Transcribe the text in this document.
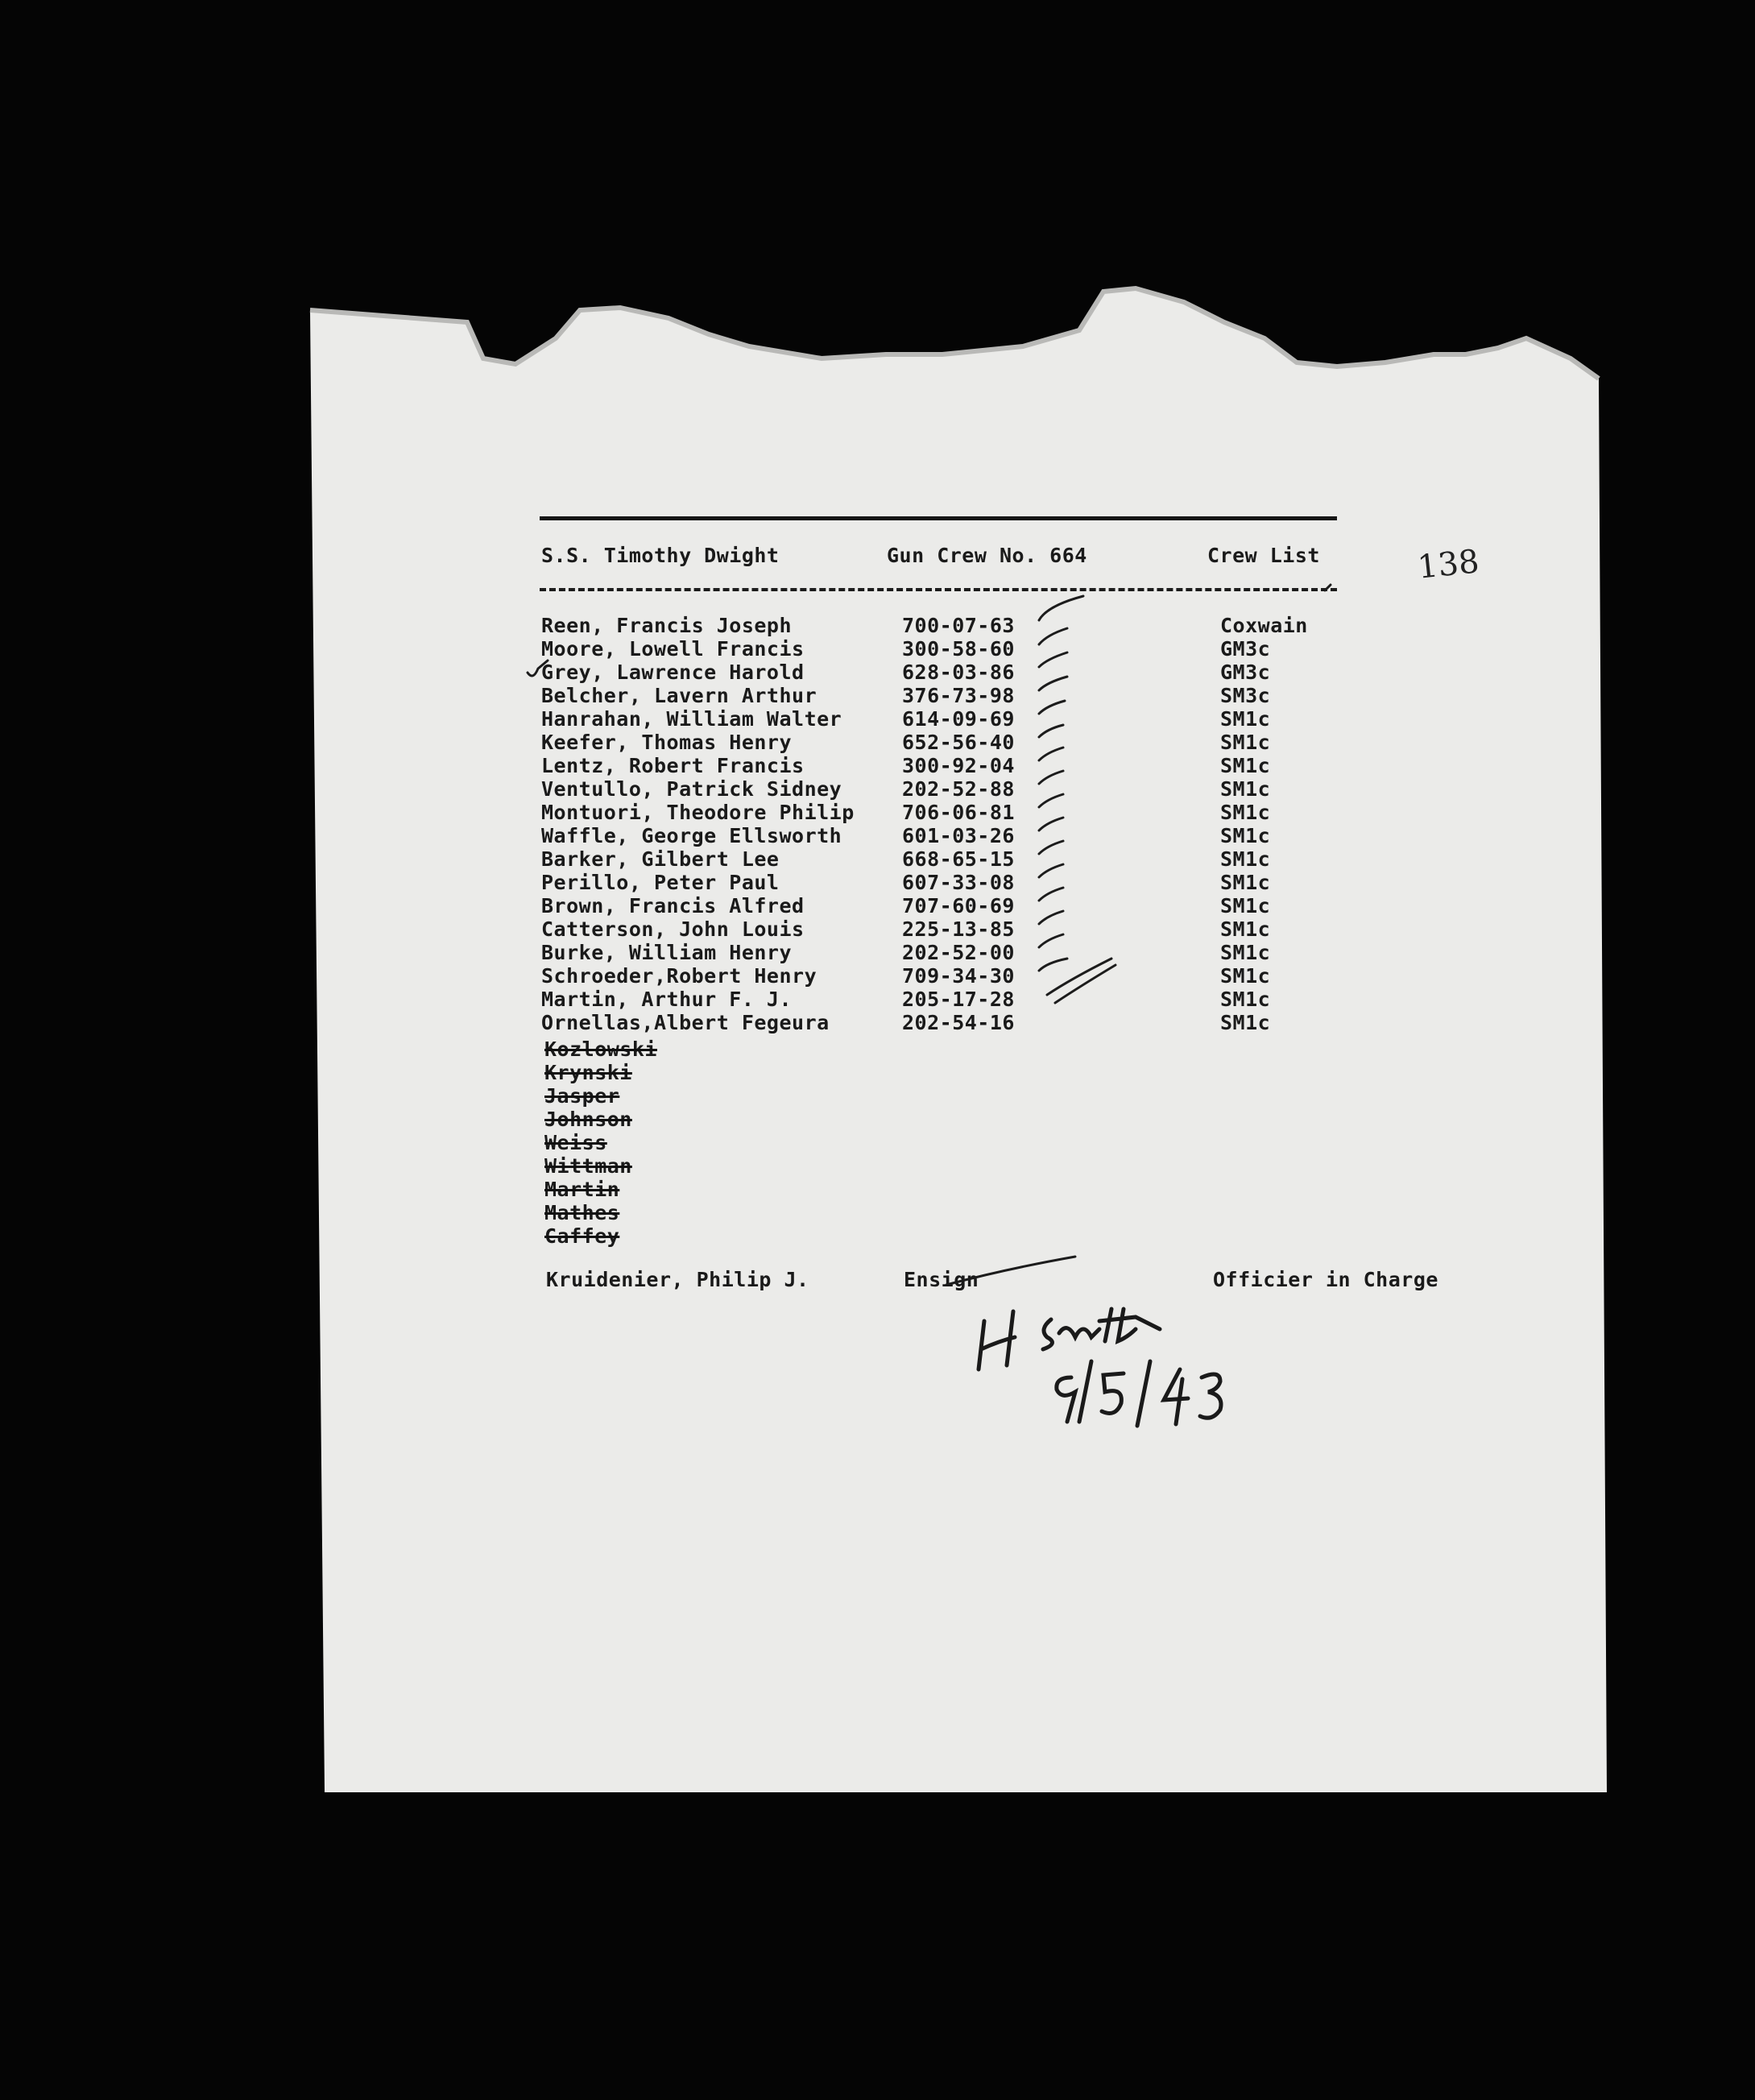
S.S. Timothy Dwight	Gun Crew No. 664	Crew List	138
Reen, Francis Joseph	700-07-63	Coxwain
Moore, Lowell Francis	300-58-60	GM3c
Grey, Lawrence Harold	628-03-86	GM3c
Belcher, Lavern Arthur	376-73-98	SM3c
Hanrahan, William Walter	614-09-69	SM1c
Keefer, Thomas Henry	652-56-40	SM1c
Lentz, Robert Francis	300-92-04	SM1c
Ventullo, Patrick Sidney	202-52-88	SM1c
Montuori, Theodore Philip 706-06-81	SM1c
Waffle, George Ellsworth	601-03-26	SM1c
Barker, Gilbert Lee	668-65-15	SM1c
Perillo, Peter Paul	607-33-08	SM1c
Brown, Francis Alfred	707-60-69	SM1c
Catterson, John Louis	225-13-85	SM1c
Burke, William Henry	202-52-00	SM1c
Schroeder,Robert Henry	709-34-30	SM1c
Martin, Arthur F. J.	205-17-28	SM1c
Ornellas,Albert Fegeura	202-54-16	SM1c
Kozlowski
Krynski
Jasper
Johnson
Weiss
Wittman
Martin
Mathes
Caffey
Kruidenier, Philip J.	Ensign	Officier in Charge
